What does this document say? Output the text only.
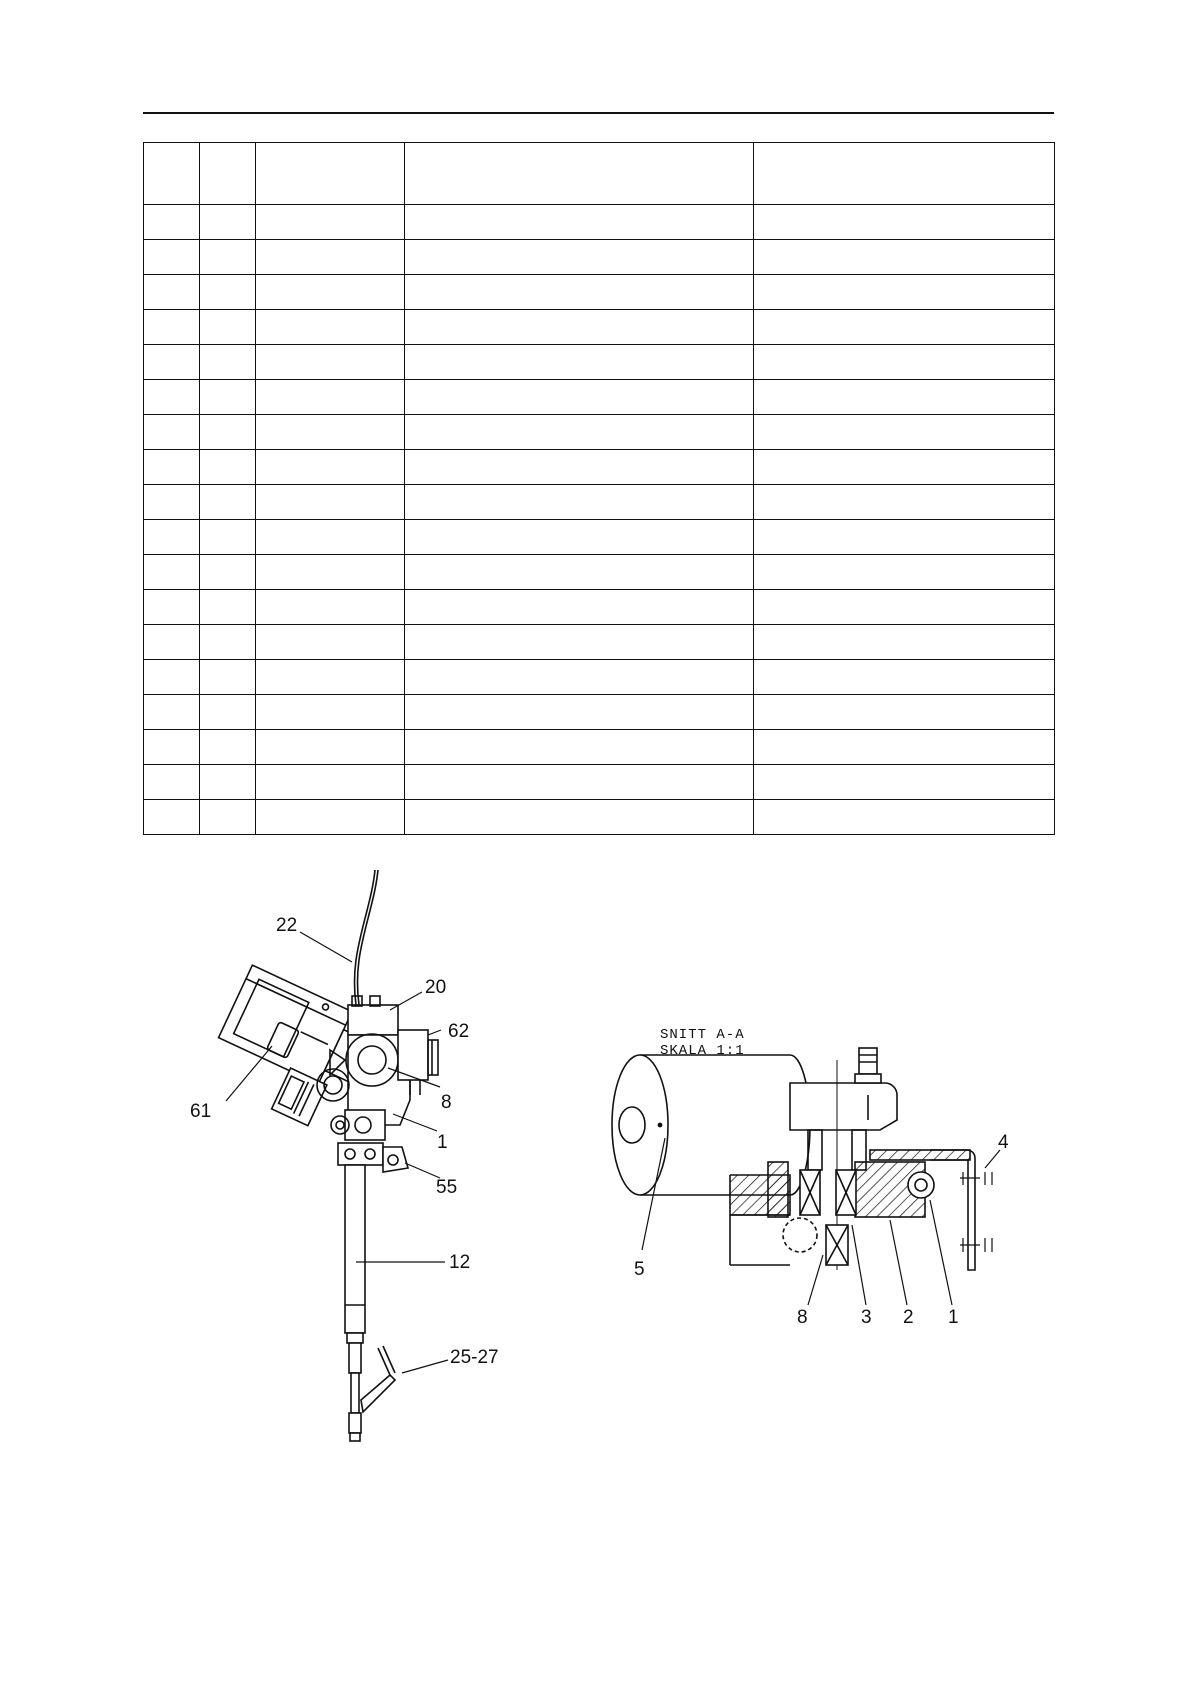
22
20
62
61	8
1
55
12
25-27
SNITT A-A
SKALA 1:1
4
5
8	3 2 1
